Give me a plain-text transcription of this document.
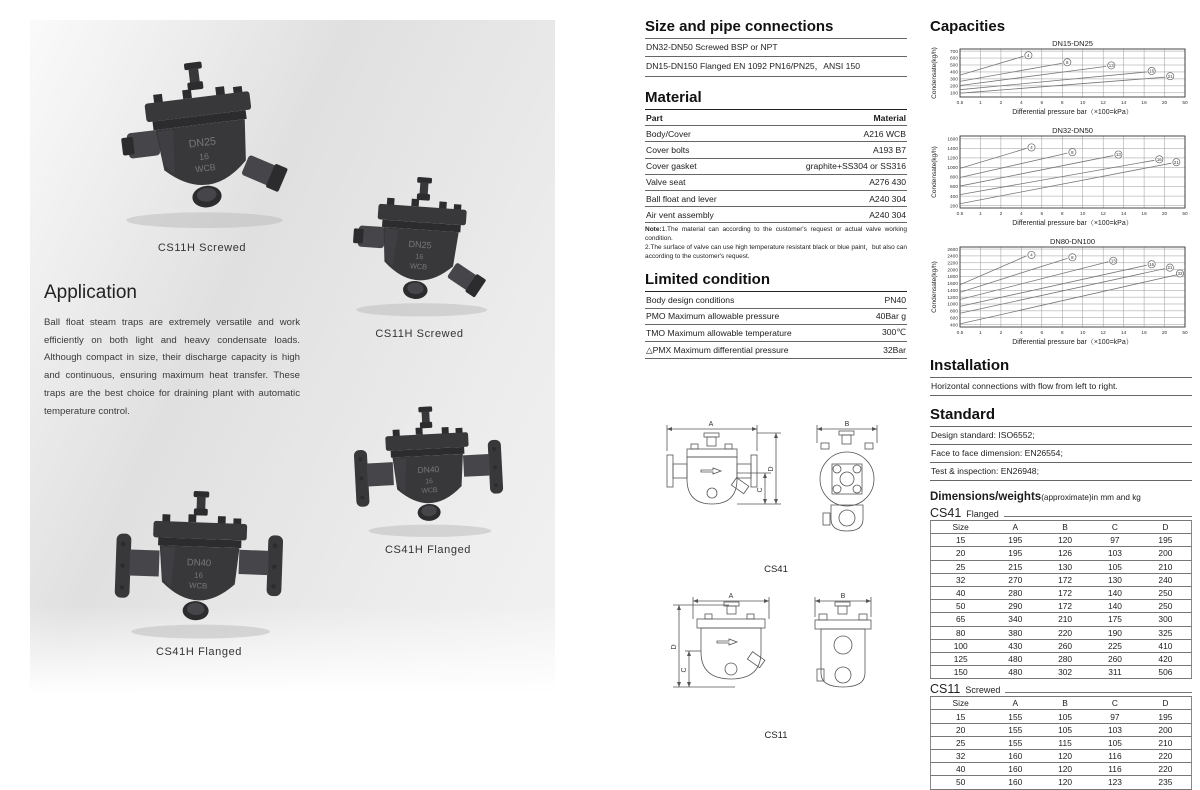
DN25
16
WCB
CS11H Screwed	DN25
16
WCB
CS11H Screwed
DN40
16
WCB
CS41H Flanged
DN40
16
WCB
CS41H Flanged
Application

Ball float steam traps are extremely versatile and work efficiently on both light and heavy condensate loads. Although compact in size, their discharge capacity is high and continuous, ensuring maximum heat transfer. These traps are the best choice for draining plant with automatic temperature control.

Size and pipe connections
DN32-DN50 Screwed BSP or NPT
DN15-DN150 Flanged EN 1092 PN16/PN25，ANSI 150
Material
Part	Material
Body/Cover	A216 WCB
Cover bolts	A193 B7
Cover gasket	graphite+SS304 or SS316
Valve seat	A276 430
Ball float and lever	A240 304
Air vent assembly	A240 304

Note:1.The material can according to the customer's request or actual valve working condition.
2.The surface of valve can use high temperature resistant black or blue paint，but also can according to the customer's request.

Limited condition
Body design conditions	PN40
PMO Maximum allowable pressure	40Bar g
TMO Maximum allowable temperature	300℃
△PMX Maximum differential pressure	32Bar
A	B
C
D
CS41
A	B
C
D
CS11
Capacities
DN15-DN25
0.5	1	2	4	6	8	10	12	14	16	20	50
100
200
300
400
500
600
700
4
8
13
16
21
Differential pressure bar（×100=kPa）
Condensate(kg/h)
DN32-DN50
0.5	1	2	4	6	8	10	12	14	16	20	50
200
400
600
800
1000
1200
1400
1600
4
8	13
16
21
Differential pressure bar（×100=kPa）
Condensate(kg/h)
DN80-DN100
0.5	1	2	4	6	8	10	12	14	16	20	50
400
600
800
1000
1200
1400
1600
1800
2000
2200
2400
2600
4	8
13
16
21
32
Differential pressure bar（×100=kPa）
Condensate(kg/h)
Installation
Horizontal connections with flow from left to right.
Standard
Design standard: ISO6552;
Face to face dimension: EN26554;
Test & inspection: EN26948;
Dimensions/weights(approximate)in mm and kg
CS41 Flanged
Size	A	B	C	D
15	195	120	97	195
20	195	126	103	200
25	215	130	105	210
32	270	172	130	240
40	280	172	140	250
50	290	172	140	250
65	340	210	175	300
80	380	220	190	325
100	430	260	225	410
125	480	280	260	420
150	480	302	311	506
CS11 Screwed
Size	A	B	C	D
15	155	105	97	195
20	155	105	103	200
25	155	115	105	210
32	160	120	116	220
40	160	120	116	220
50	160	120	123	235
